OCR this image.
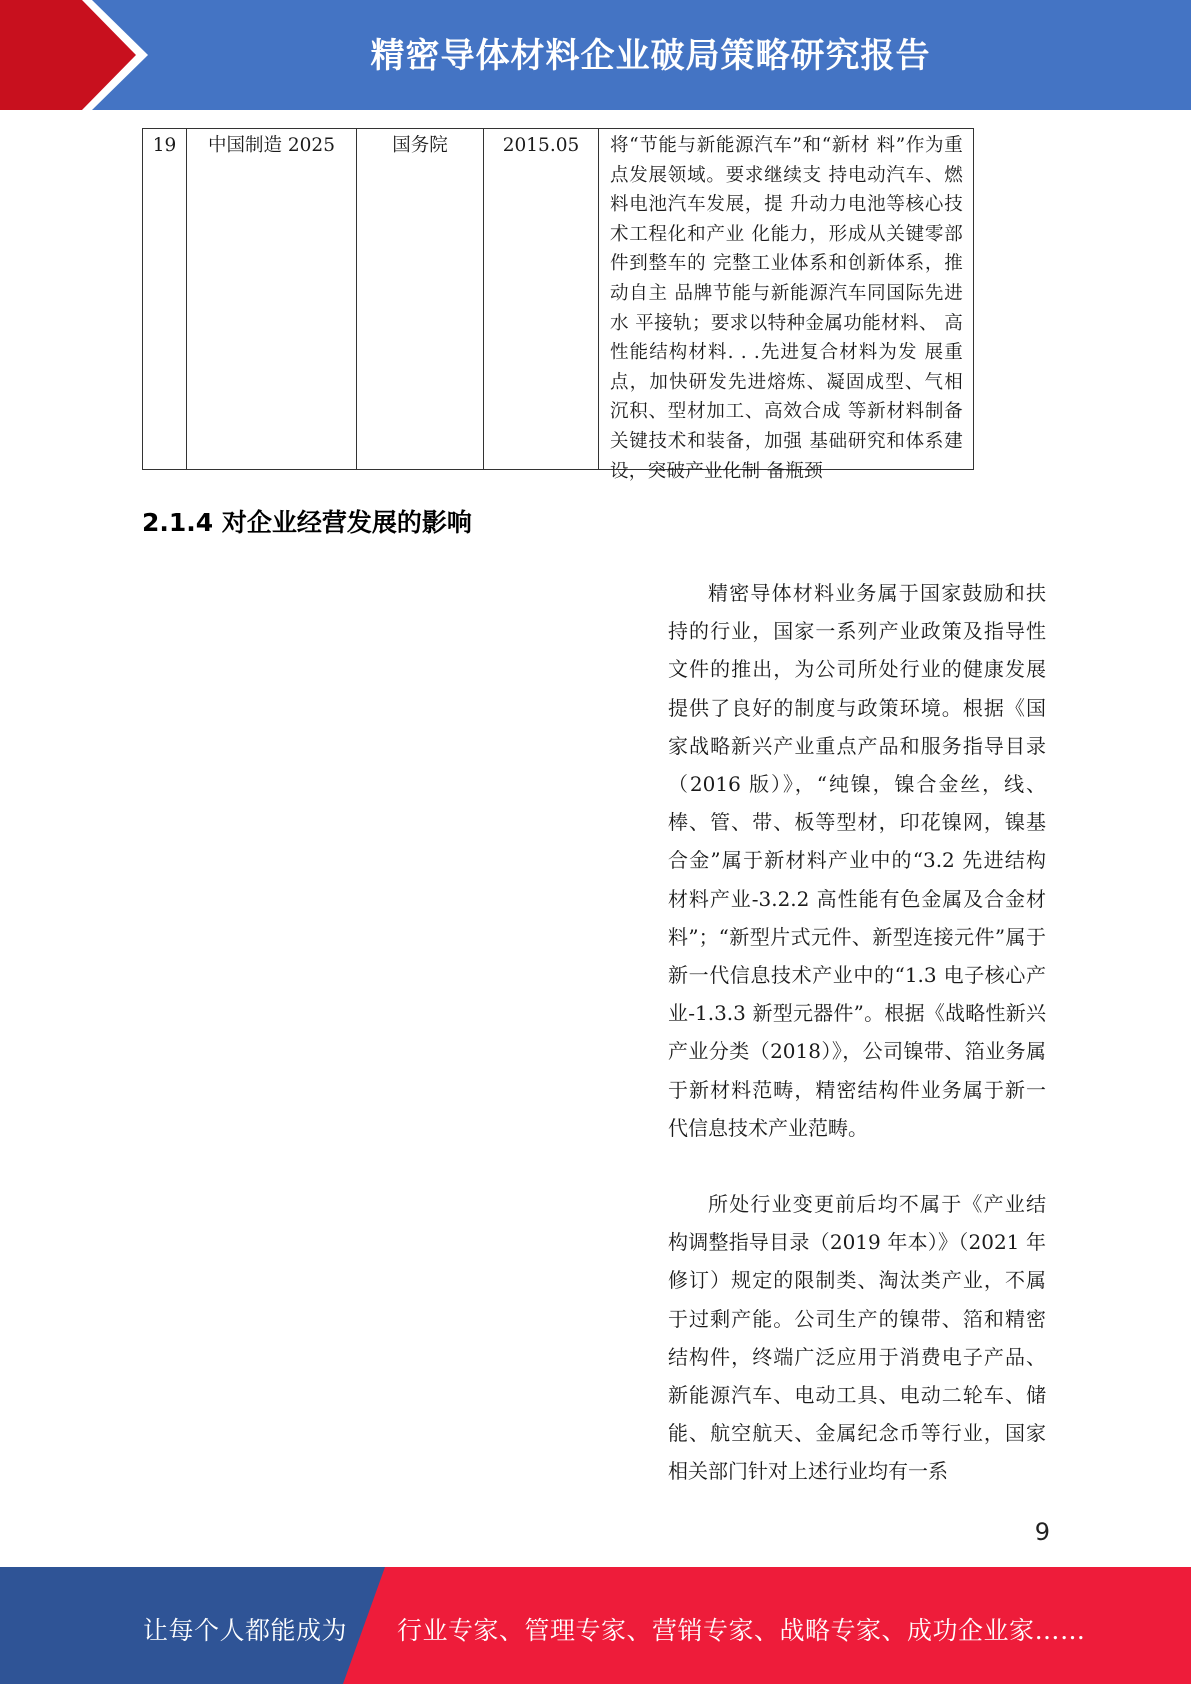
精密导体材料企业破局策略研究报告
19	中国制造 2025	国务院	2015.05	将“节能与新能源汽车”和“新材 料”作为重点发展领域。要求继续支 持电动汽车、燃料电池汽车发展，提 升动力电池等核心技术工程化和产业 化能力，形成从关键零部件到整车的 完整工业体系和创新体系，推动自主 品牌节能与新能源汽车同国际先进水 平接轨；要求以特种金属功能材料、 高性能结构材料. . .先进复合材料为发 展重点，加快研发先进熔炼、凝固成型、气相沉积、型材加工、高效合成 等新材料制备关键技术和装备，加强 基础研究和体系建设，突破产业化制 备瓶颈
2.1.4 对企业经营发展的影响

精密导体材料业务属于国家鼓励和扶持的行业，国家一系列产业政策及指导性文件的推出，为公司所处行业的健康发展提供了良好的制度与政策环境。根据《国家战略新兴产业重点产品和服务指导目录（2016 版）》，“纯镍，镍合金丝，线、棒、管、带、板等型材，印花镍网，镍基合金”属于新材料产业中的“3.2 先进结构材料产业-3.2.2 高性能有色金属及合金材料”；“新型片式元件、新型连接元件”属于新一代信息技术产业中的“1.3 电子核心产业-1.3.3 新型元器件”。根据《战略性新兴产业分类（2018）》，公司镍带、箔业务属于新材料范畴，精密结构件业务属于新一代信息技术产业范畴。

所处行业变更前后均不属于《产业结构调整指导目录（2019 年本）》（2021 年修订）规定的限制类、淘汰类产业，不属于过剩产能。公司生产的镍带、箔和精密结构件，终端广泛应用于消费电子产品、新能源汽车、电动工具、电动二轮车、储能、航空航天、金属纪念币等行业，国家相关部门针对上述行业均有一系

9
让每个人都能成为 行业专家、管理专家、营销专家、战略专家、成功企业家……
